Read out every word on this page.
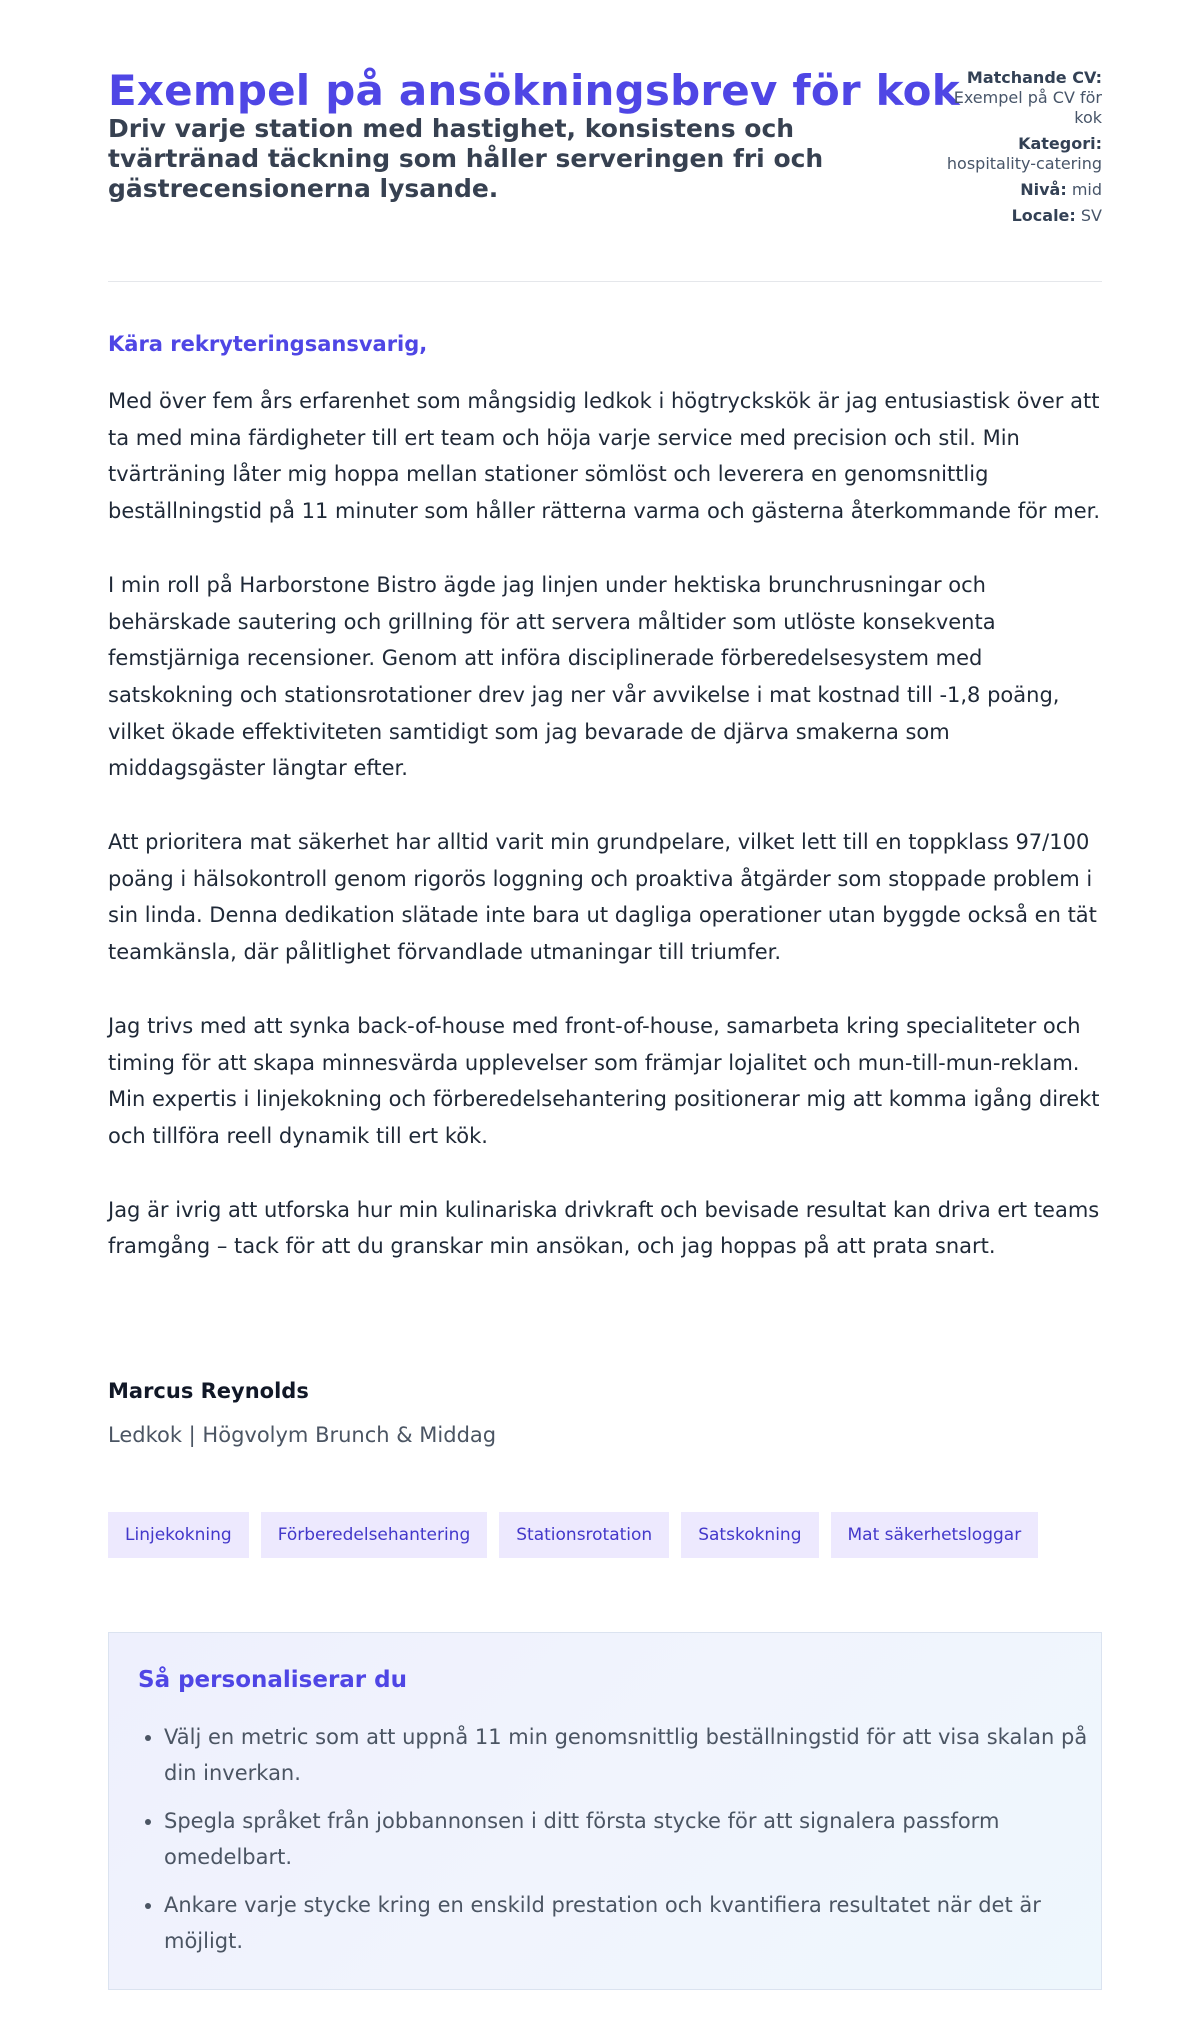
Exempel på ansökningsbrev för kok
Driv varje station med hastighet, konsistens och tvärtränad täckning som håller serveringen fri och gästrecensionerna lysande.
Matchande CV:
Exempel på CV för kok
Kategori:
hospitality-catering
Nivå: mid
Locale: SV

Kära rekryteringsansvarig,

Med över fem års erfarenhet som mångsidig ledkok i högtryckskök är jag entusiastisk över att ta med mina färdigheter till ert team och höja varje service med precision och stil. Min tvärträning låter mig hoppa mellan stationer sömlöst och leverera en genomsnittlig beställningstid på 11 minuter som håller rätterna varma och gästerna återkommande för mer.

I min roll på Harborstone Bistro ägde jag linjen under hektiska brunchrusningar och behärskade sautering och grillning för att servera måltider som utlöste konsekventa femstjärniga recensioner. Genom att införa disciplinerade förberedelsesystem med satskokning och stationsrotationer drev jag ner vår avvikelse i mat kostnad till -1,8 poäng, vilket ökade effektiviteten samtidigt som jag bevarade de djärva smakerna som middagsgäster längtar efter.

Att prioritera mat säkerhet har alltid varit min grundpelare, vilket lett till en toppklass 97/100 poäng i hälsokontroll genom rigorös loggning och proaktiva åtgärder som stoppade problem i sin linda. Denna dedikation slätade inte bara ut dagliga operationer utan byggde också en tät teamkänsla, där pålitlighet förvandlade utmaningar till triumfer.

Jag trivs med att synka back-of-house med front-of-house, samarbeta kring specialiteter och timing för att skapa minnesvärda upplevelser som främjar lojalitet och mun-till-mun-reklam. Min expertis i linjekokning och förberedelsehantering positionerar mig att komma igång direkt och tillföra reell dynamik till ert kök.

Jag är ivrig att utforska hur min kulinariska drivkraft och bevisade resultat kan driva ert teams framgång – tack för att du granskar min ansökan, och jag hoppas på att prata snart.

Marcus Reynolds

Ledkok | Högvolym Brunch & Middag

Linjekokning	Förberedelsehantering	Stationsrotation	Satskokning	Mat säkerhetsloggar
Så personaliserar du
• Välj en metric som att uppnå 11 min genomsnittlig beställningstid för att visa skalan på din inverkan.
• Spegla språket från jobbannonsen i ditt första stycke för att signalera passform omedelbart.
• Ankare varje stycke kring en enskild prestation och kvantifiera resultatet när det är möjligt.
